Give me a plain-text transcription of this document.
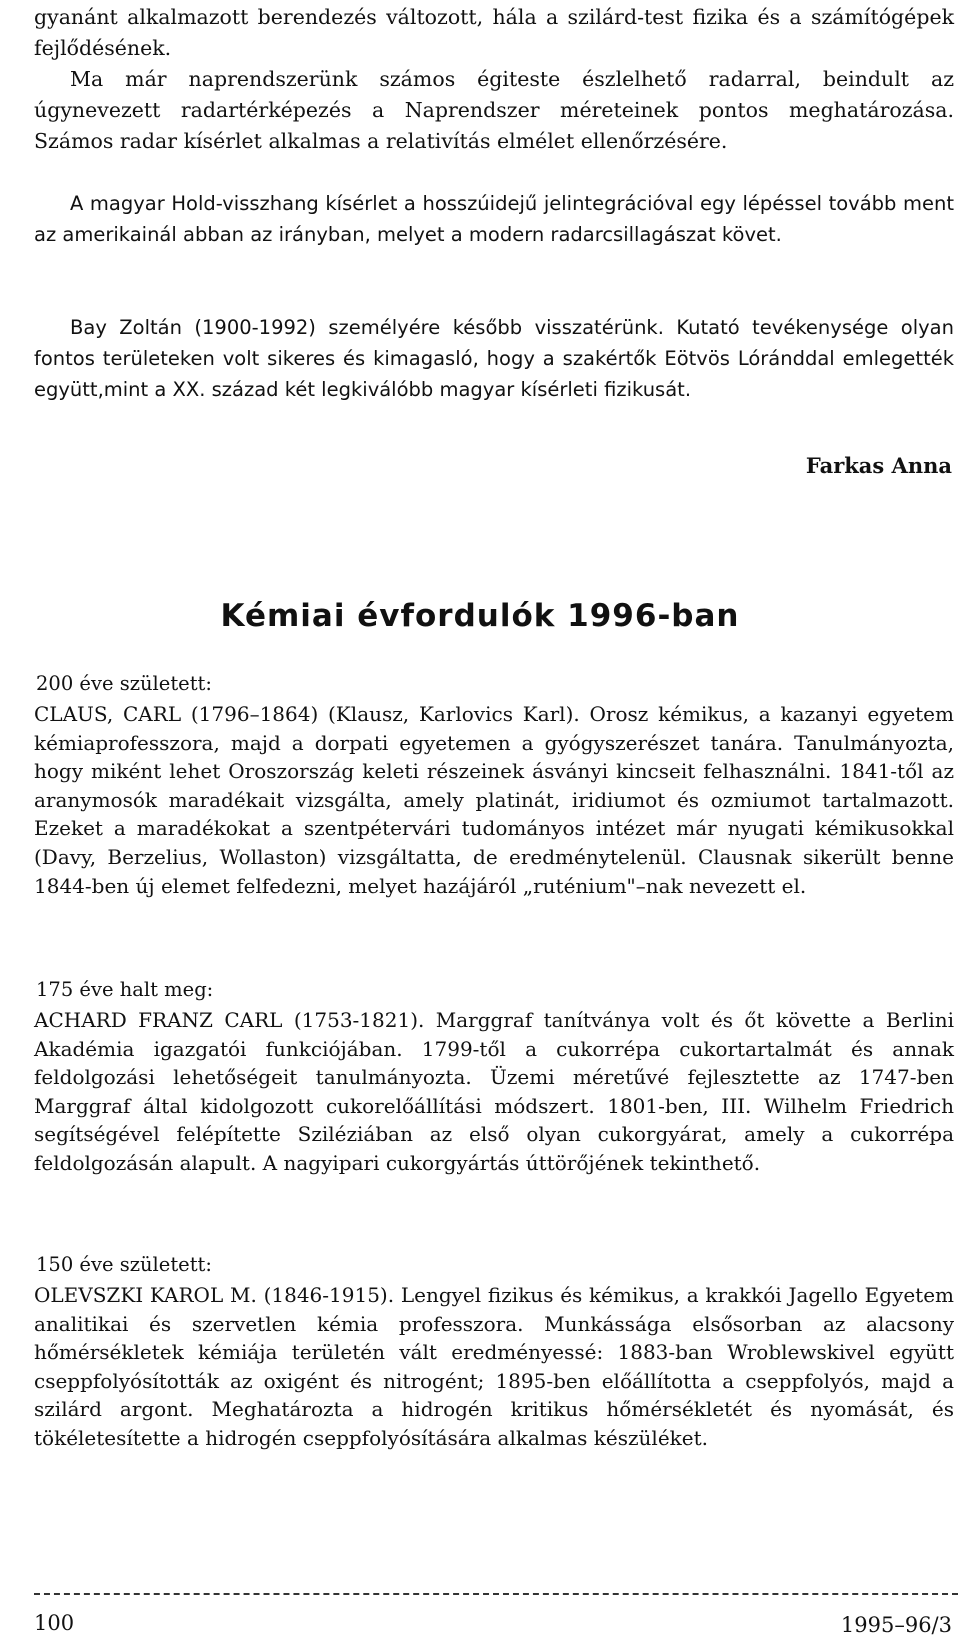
gyanánt alkalmazott berendezés változott, hála a szilárd-test fizika és a számítógépek fejlődésének.

Ma már naprendszerünk számos égiteste észlelhető radarral, beindult az úgynevezett radartérképezés a Naprendszer méreteinek pontos meghatározása. Számos radar kísérlet alkalmas a relativítás elmélet ellenőrzésére.

A magyar Hold-visszhang kísérlet a hosszúidejű jelintegrációval egy lépéssel tovább ment az amerikainál abban az irányban, melyet a modern radarcsillagászat követ.

Bay Zoltán (1900-1992) személyére később visszatérünk. Kutató tevékenysége olyan fontos területeken volt sikeres és kimagasló, hogy a szakértők Eötvös Lóránddal emlegették együtt,mint a XX. század két legkiválóbb magyar kísérleti fizikusát.

Farkas Anna
Kémiai évfordulók 1996-ban
200 éve született:

CLAUS, CARL (1796–1864) (Klausz, Karlovics Karl). Orosz kémikus, a kazanyi egyetem kémiaprofesszora, majd a dorpati egyetemen a gyógyszerészet tanára. Tanulmányozta, hogy miként lehet Oroszország keleti részeinek ásványi kincseit felhasználni. 1841-től az aranymosók maradékait vizsgálta, amely platinát, iridiumot és ozmiumot tartalmazott. Ezeket a maradékokat a szentpétervári tudományos intézet már nyugati kémikusokkal (Davy, Berzelius, Wollaston) vizsgáltatta, de eredménytelenül. Clausnak sikerült benne 1844-ben új elemet felfedezni, melyet hazájáról „ruténium"–nak nevezett el.

175 éve halt meg:

ACHARD FRANZ CARL (1753-1821). Marggraf tanítványa volt és őt követte a Berlini Akadémia igazgatói funkciójában. 1799-től a cukorrépa cukortartalmát és annak feldolgozási lehetőségeit tanulmányozta. Üzemi méretűvé fejlesztette az 1747-ben Marggraf által kidolgozott cukorelőállítási módszert. 1801-ben, III. Wilhelm Friedrich segítségével felépítette Sziléziában az első olyan cukorgyárat, amely a cukorrépa feldolgozásán alapult. A nagyipari cukorgyártás úttörőjének tekinthető.

150 éve született:

OLEVSZKI KAROL M. (1846-1915). Lengyel fizikus és kémikus, a krakkói Jagello Egyetem analitikai és szervetlen kémia professzora. Munkássága elsősorban az alacsony hőmérsékletek kémiája területén vált eredményessé: 1883-ban Wroblewskivel együtt cseppfolyósították az oxigént és nitrogént; 1895-ben előállította a cseppfolyós, majd a szilárd argont. Meghatározta a hidrogén kritikus hőmérsékletét és nyomását, és tökéletesítette a hidrogén cseppfolyósítására alkalmas készüléket.

100	1995–96/3
